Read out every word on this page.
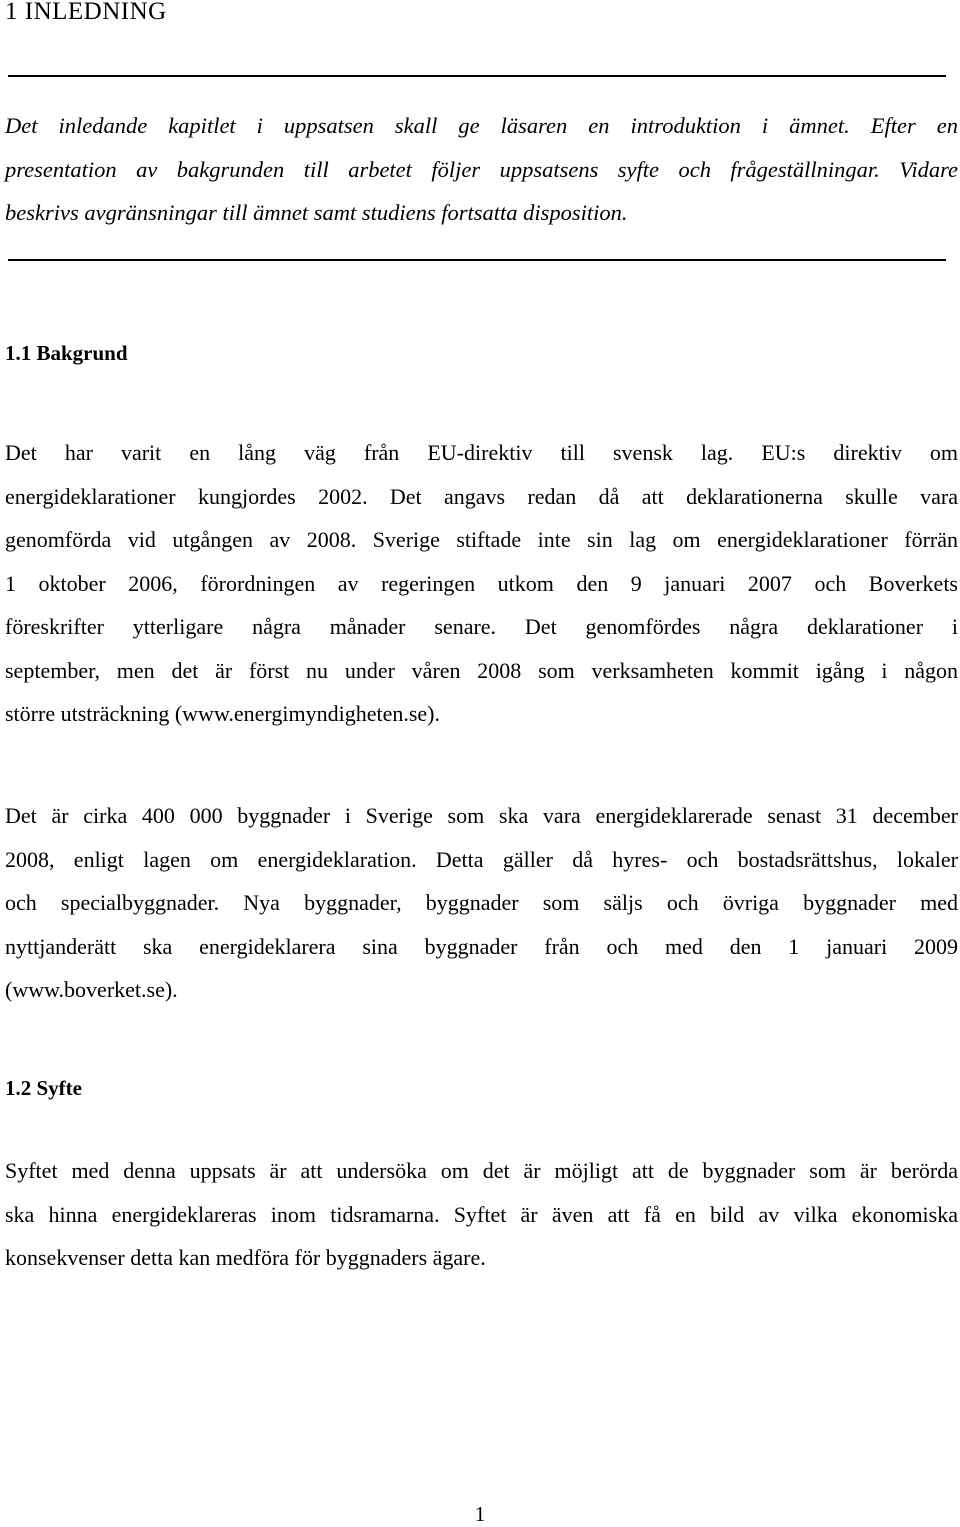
1 INLEDNING
Det inledande kapitlet i uppsatsen skall ge läsaren en introduktion i ämnet. Efter en
presentation av bakgrunden till arbetet följer uppsatsens syfte och frågeställningar. Vidare
beskrivs avgränsningar till ämnet samt studiens fortsatta disposition.
1.1 Bakgrund
Det har varit en lång väg från EU-direktiv till svensk lag. EU:s direktiv om
energideklarationer kungjordes 2002. Det angavs redan då att deklarationerna skulle vara
genomförda vid utgången av 2008. Sverige stiftade inte sin lag om energideklarationer förrän
1 oktober 2006, förordningen av regeringen utkom den 9 januari 2007 och Boverkets
föreskrifter ytterligare några månader senare. Det genomfördes några deklarationer i
september, men det är först nu under våren 2008 som verksamheten kommit igång i någon
större utsträckning (www.energimyndigheten.se).
Det är cirka 400 000 byggnader i Sverige som ska vara energideklarerade senast 31 december
2008, enligt lagen om energideklaration. Detta gäller då hyres- och bostadsrättshus, lokaler
och specialbyggnader. Nya byggnader, byggnader som säljs och övriga byggnader med
nyttjanderätt ska energideklarera sina byggnader från och med den 1 januari 2009
(www.boverket.se).
1.2 Syfte
Syftet med denna uppsats är att undersöka om det är möjligt att de byggnader som är berörda
ska hinna energideklareras inom tidsramarna. Syftet är även att få en bild av vilka ekonomiska
konsekvenser detta kan medföra för byggnaders ägare.
1
